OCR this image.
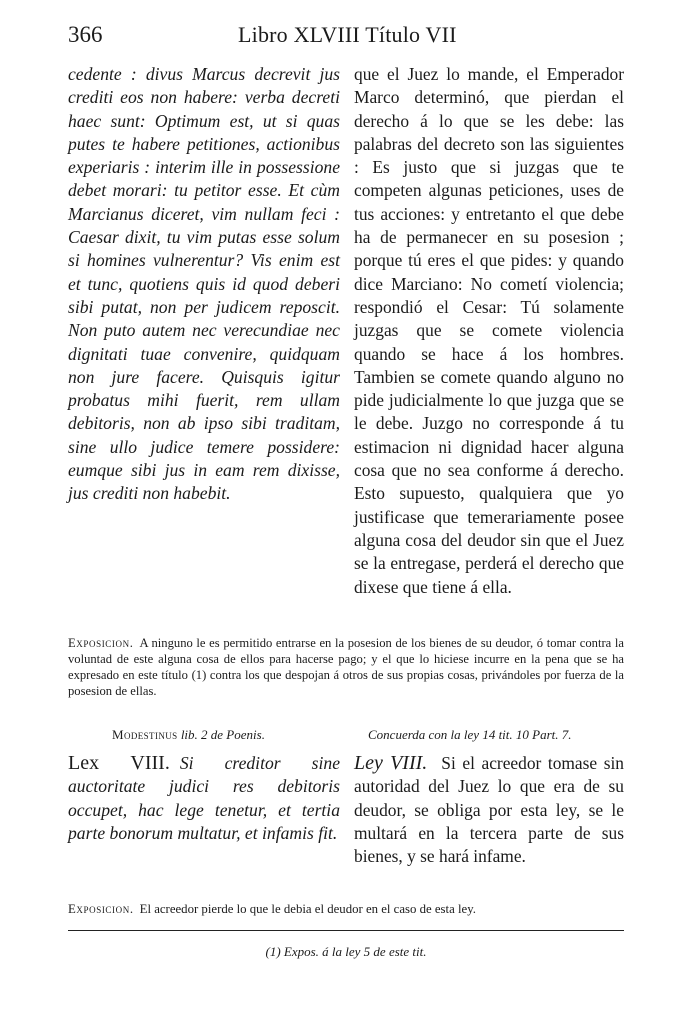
366	Libro XLVIII Título VII

cedente : divus Marcus decrevit jus crediti eos non habere: verba decreti haec sunt: Optimum est, ut si quas putes te habere petitiones, actionibus experiaris : interim ille in possessione debet morari: tu petitor esse. Et cùm Marcianus diceret, vim nullam feci : Caesar dixit, tu vim putas esse solum si homines vulnerentur? Vis enim est et tunc, quotiens quis id quod deberi sibi putat, non per judicem reposcit. Non puto autem nec verecundiae nec dignitati tuae convenire, quidquam non jure facere. Quisquis igitur probatus mihi fuerit, rem ullam debitoris, non ab ipso sibi traditam, sine ullo judice temere possidere: eumque sibi jus in eam rem dixisse, jus crediti non habebit.

que el Juez lo mande, el Emperador Marco determinó, que pierdan el derecho á lo que se les debe: las palabras del decreto son las siguientes : Es justo que si juzgas que te competen algunas peticiones, uses de tus acciones: y entretanto el que debe ha de permanecer en su posesion ; porque tú eres el que pides: y quando dice Marciano: No cometí violencia; respondió el Cesar: Tú solamente juzgas que se comete violencia quando se hace á los hombres. Tambien se comete quando alguno no pide judicialmente lo que juzga que se le debe. Juzgo no corresponde á tu estimacion ni dignidad hacer alguna cosa que no sea conforme á derecho. Esto supuesto, qualquiera que yo justificase que temerariamente posee alguna cosa del deudor sin que el Juez se la entregase, perderá el derecho que dixese que tiene á ella.

Exposicion. A ninguno le es permitido entrarse en la posesion de los bienes de su deudor, ó tomar contra la voluntad de este alguna cosa de ellos para hacerse pago; y el que lo hiciese incurre en la pena que se ha expresado en este título (1) contra los que despojan á otros de sus propias cosas, privándoles por fuerza de la posesion de ellas.
Modestinus lib. 2 de Poenis.	Concuerda con la ley 14 tit. 10 Part. 7.

Lex VIII. Si creditor sine auctoritate judici res debitoris occupet, hac lege tenetur, et tertia parte bonorum multatur, et infamis fit.

Ley VIII. Si el acreedor tomase sin autoridad del Juez lo que era de su deudor, se obliga por esta ley, se le multará en la tercera parte de sus bienes, y se hará infame.

Exposicion. El acreedor pierde lo que le debia el deudor en el caso de esta ley.
(1) Expos. á la ley 5 de este tit.
